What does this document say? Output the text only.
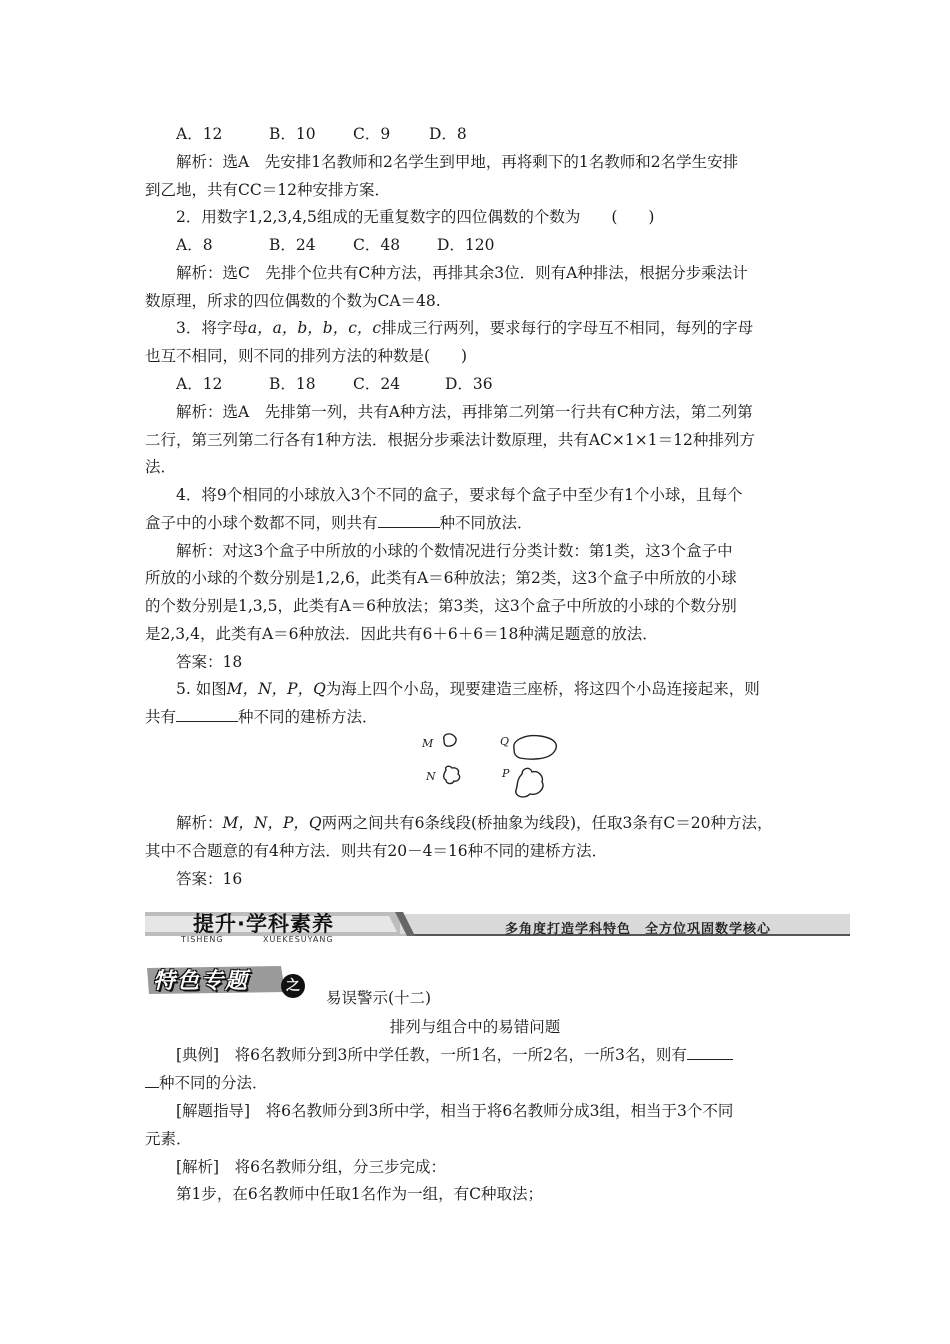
A．12	B．10 C．9	D．8
解析：选A　先安排1名教师和2名学生到甲地，再将剩下的1名教师和2名学生安排
到乙地，共有CC＝12种安排方案．
2．用数字1,2,3,4,5组成的无重复数字的四位偶数的个数为　　(　　)
A．8	B．24 C．48 D．120
解析：选C　先排个位共有C种方法，再排其余3位．则有A种排法，根据分步乘法计
数原理，所求的四位偶数的个数为CA＝48.
3．将字母a，a，b，b，c，c排成三行两列，要求每行的字母互不相同，每列的字母
也互不相同，则不同的排列方法的种数是(　　)
A．12	B．18 C．24	D．36
解析：选A　先排第一列，共有A种方法，再排第二列第一行共有C种方法，第二列第
二行，第三列第二行各有1种方法．根据分步乘法计数原理，共有AC×1×1＝12种排列方
法．
4．将9个相同的小球放入3个不同的盒子，要求每个盒子中至少有1个小球，且每个
盒子中的小球个数都不同，则共有	种不同放法．
解析：对这3个盒子中所放的小球的个数情况进行分类计数：第1类，这3个盒子中
所放的小球的个数分别是1,2,6，此类有A＝6种放法；第2类，这3个盒子中所放的小球
的个数分别是1,3,5，此类有A＝6种放法；第3类，这3个盒子中所放的小球的个数分别
是2,3,4，此类有A＝6种放法．因此共有6＋6＋6＝18种满足题意的放法．
答案：18
5. 如图M，N，P，Q为海上四个小岛，现要建造三座桥，将这四个小岛连接起来，则
共有	种不同的建桥方法．
M	Q
N	P
解析：M，N，P，Q两两之间共有6条线段(桥抽象为线段)，任取3条有C＝20种方法，
其中不合题意的有4种方法．则共有20－4＝16种不同的建桥方法．
答案：16
提升·学科素养
TISHENG	XUEKESUYANG
多角度打造学科特色　全方位巩固数学核心
特色专题	之
易误警示(十二)
排列与组合中的易错问题
[典例]　将6名教师分到3所中学任教，一所1名，一所2名，一所3名，则有
种不同的分法．
[解题指导]　将6名教师分到3所中学，相当于将6名教师分成3组，相当于3个不同
元素．
[解析]　将6名教师分组，分三步完成：
第1步，在6名教师中任取1名作为一组，有C种取法；
